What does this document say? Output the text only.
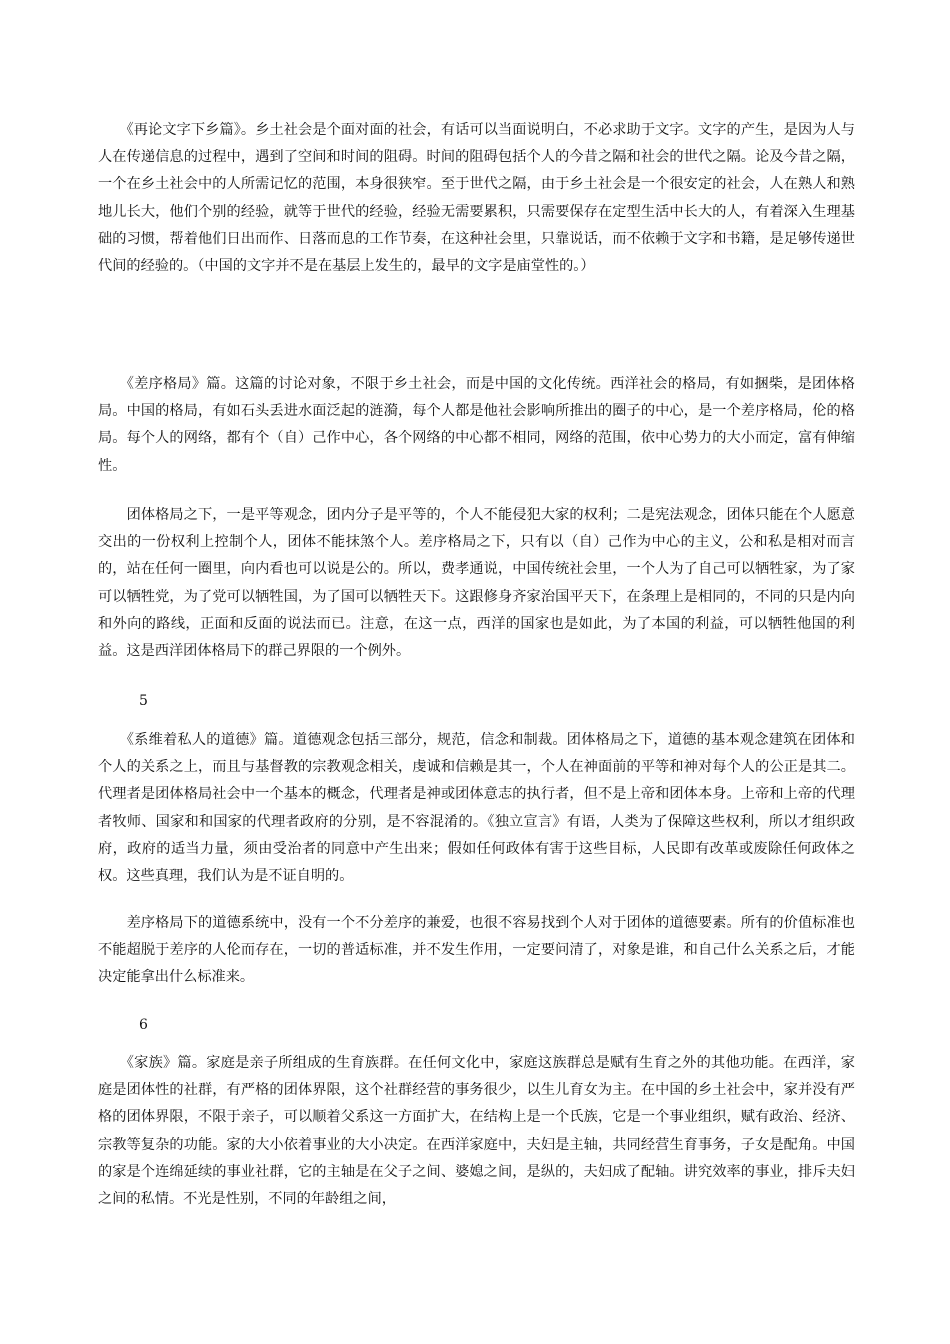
　　《再论文字下乡篇》。乡土社会是个面对面的社会，有话可以当面说明白，不必求助于文字。文字的产生，是因为人与人在传递信息的过程中，遇到了空间和时间的阻碍。时间的阻碍包括个人的今昔之隔和社会的世代之隔。论及今昔之隔，一个在乡土社会中的人所需记忆的范围，本身很狭窄。至于世代之隔，由于乡土社会是一个很安定的社会，人在熟人和熟地儿长大，他们个别的经验，就等于世代的经验，经验无需要累积，只需要保存在定型生活中长大的人，有着深入生理基础的习惯，帮着他们日出而作、日落而息的工作节奏，在这种社会里，只靠说话，而不依赖于文字和书籍，是足够传递世代间的经验的。（中国的文字并不是在基层上发生的，最早的文字是庙堂性的。）

　　《差序格局》篇。这篇的讨论对象，不限于乡土社会，而是中国的文化传统。西洋社会的格局，有如捆柴，是团体格局。中国的格局，有如石头丢进水面泛起的涟漪，每个人都是他社会影响所推出的圈子的中心，是一个差序格局，伦的格局。每个人的网络，都有个（自）己作中心，各个网络的中心都不相同，网络的范围，依中心势力的大小而定，富有伸缩性。

　　团体格局之下，一是平等观念，团内分子是平等的，个人不能侵犯大家的权利；二是宪法观念，团体只能在个人愿意交出的一份权利上控制个人，团体不能抹煞个人。差序格局之下，只有以（自）己作为中心的主义，公和私是相对而言的，站在任何一圈里，向内看也可以说是公的。所以，费孝通说，中国传统社会里，一个人为了自己可以牺牲家，为了家可以牺牲党，为了党可以牺牲国，为了国可以牺牲天下。这跟修身齐家治国平天下，在条理上是相同的，不同的只是内向和外向的路线，正面和反面的说法而已。注意，在这一点，西洋的国家也是如此，为了本国的利益，可以牺牲他国的利益。这是西洋团体格局下的群己界限的一个例外。

5

　　《系维着私人的道德》篇。道德观念包括三部分，规范，信念和制裁。团体格局之下，道德的基本观念建筑在团体和个人的关系之上，而且与基督教的宗教观念相关，虔诚和信赖是其一，个人在神面前的平等和神对每个人的公正是其二。代理者是团体格局社会中一个基本的概念，代理者是神或团体意志的执行者，但不是上帝和团体本身。上帝和上帝的代理者牧师、国家和和国家的代理者政府的分别，是不容混淆的。《独立宣言》有语，人类为了保障这些权利，所以才组织政府，政府的适当力量，须由受治者的同意中产生出来；假如任何政体有害于这些目标，人民即有改革或废除任何政体之权。这些真理，我们认为是不证自明的。

　　差序格局下的道德系统中，没有一个不分差序的兼爱，也很不容易找到个人对于团体的道德要素。所有的价值标准也不能超脱于差序的人伦而存在，一切的普适标准，并不发生作用，一定要问清了，对象是谁，和自己什么关系之后，才能决定能拿出什么标准来。

6

　　《家族》篇。家庭是亲子所组成的生育族群。在任何文化中，家庭这族群总是赋有生育之外的其他功能。在西洋，家庭是团体性的社群，有严格的团体界限，这个社群经营的事务很少，以生儿育女为主。在中国的乡土社会中，家并没有严格的团体界限，不限于亲子，可以顺着父系这一方面扩大，在结构上是一个氏族，它是一个事业组织，赋有政治、经济、宗教等复杂的功能。家的大小依着事业的大小决定。在西洋家庭中，夫妇是主轴，共同经营生育事务，子女是配角。中国的家是个连绵延续的事业社群，它的主轴是在父子之间、婆媳之间，是纵的，夫妇成了配轴。讲究效率的事业，排斥夫妇之间的私情。不光是性别，不同的年龄组之间，
